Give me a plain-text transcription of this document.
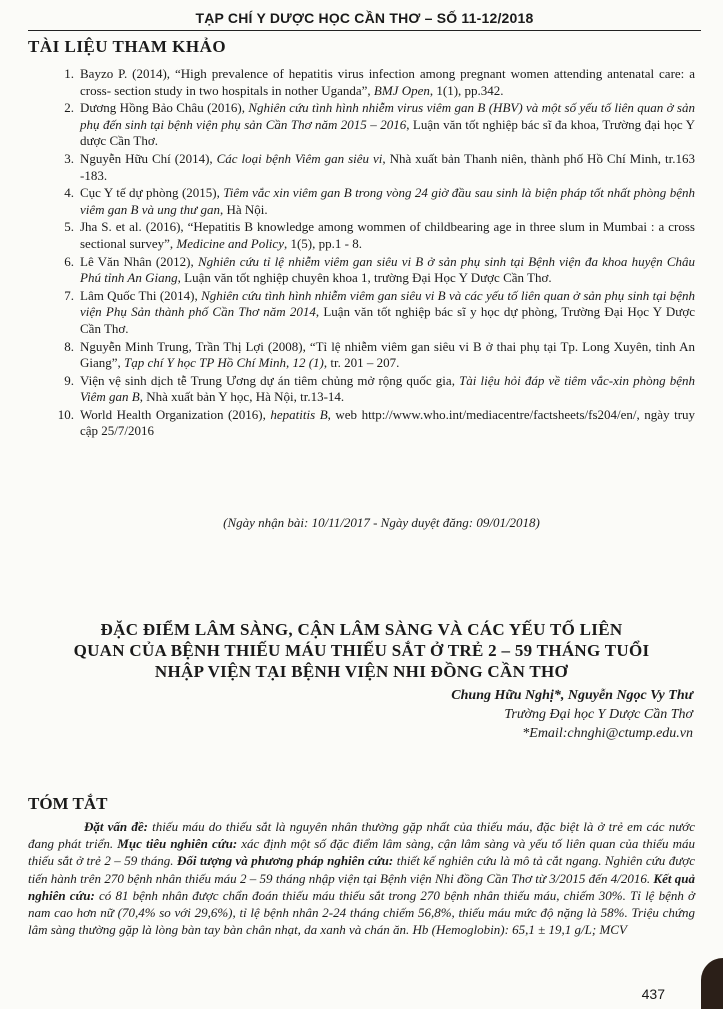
TẠP CHÍ Y DƯỢC HỌC CẦN THƠ – SỐ 11-12/2018
TÀI LIỆU THAM KHẢO
1. Bayzo P. (2014), “High prevalence of hepatitis virus infection among pregnant women attending antenatal care: a cross- section study in two hospitals in nother Uganda”, BMJ Open, 1(1), pp.342.
2. Dương Hồng Bảo Châu (2016), Nghiên cứu tình hình nhiễm virus viêm gan B (HBV) và một số yếu tố liên quan ở sản phụ đến sinh tại bệnh viện phụ sản Cần Thơ năm 2015 – 2016, Luận văn tốt nghiệp bác sĩ đa khoa, Trường đại học Y dược Cần Thơ.
3. Nguyễn Hữu Chí (2014), Các loại bệnh Viêm gan siêu vi, Nhà xuất bản Thanh niên, thành phố Hồ Chí Minh, tr.163 -183.
4. Cục Y tế dự phòng (2015), Tiêm vắc xin viêm gan B trong vòng 24 giờ đầu sau sinh là biện pháp tốt nhất phòng bệnh viêm gan B và ung thư gan, Hà Nội.
5. Jha S. et al. (2016), “Hepatitis B knowledge among wommen of childbearing age in three slum in Mumbai : a cross sectional survey”, Medicine and Policy, 1(5), pp.1 - 8.
6. Lê Văn Nhân (2012), Nghiên cứu tỉ lệ nhiễm viêm gan siêu vi B ở sản phụ sinh tại Bệnh viện đa khoa huyện Châu Phú tỉnh An Giang, Luận văn tốt nghiệp chuyên khoa 1, trường Đại Học Y Dược Cần Thơ.
7. Lâm Quốc Thi (2014), Nghiên cứu tình hình nhiễm viêm gan siêu vi B và các yếu tố liên quan ở sản phụ sinh tại bệnh viện Phụ Sản thành phố Cần Thơ năm 2014, Luận văn tốt nghiệp bác sĩ y học dự phòng, Trường Đại Học Y Dược Cần Thơ.
8. Nguyễn Minh Trung, Trần Thị Lợi (2008), “Tỉ lệ nhiễm viêm gan siêu vi B ở thai phụ tại Tp. Long Xuyên, tỉnh An Giang”, Tạp chí Y học TP Hồ Chí Minh, 12 (1), tr. 201 – 207.
9. Viện vệ sinh dịch tễ Trung Ương dự án tiêm chủng mở rộng quốc gia, Tài liệu hỏi đáp về tiêm vắc-xin phòng bệnh Viêm gan B, Nhà xuất bản Y học, Hà Nội, tr.13-14.
10. World Health Organization (2016), hepatitis B, web http://www.who.int/mediacentre/factsheets/fs204/en/, ngày truy cập 25/7/2016
(Ngày nhận bài: 10/11/2017 - Ngày duyệt đăng: 09/01/2018)
ĐẶC ĐIỂM LÂM SÀNG, CẬN LÂM SÀNG VÀ CÁC YẾU TỐ LIÊN
QUAN CỦA BỆNH THIẾU MÁU THIẾU SẮT Ở TRẺ 2 – 59 THÁNG TUỔI
NHẬP VIỆN TẠI BỆNH VIỆN NHI ĐỒNG CẦN THƠ
Chung Hữu Nghị*, Nguyễn Ngọc Vy Thư
Trường Đại học Y Dược Cần Thơ
*Email:chnghi@ctump.edu.vn
TÓM TẮT
Đặt vấn đề: thiếu máu do thiếu sắt là nguyên nhân thường gặp nhất của thiếu máu, đặc biệt là ở trẻ em các nước đang phát triển. Mục tiêu nghiên cứu: xác định một số đặc điểm lâm sàng, cận lâm sàng và yếu tố liên quan của thiếu máu thiếu sắt ở trẻ 2 – 59 tháng. Đối tượng và phương pháp nghiên cứu: thiết kế nghiên cứu là mô tả cắt ngang. Nghiên cứu được tiến hành trên 270 bệnh nhân thiếu máu 2 – 59 tháng nhập viện tại Bệnh viện Nhi đồng Cần Thơ từ 3/2015 đến 4/2016. Kết quả nghiên cứu: có 81 bệnh nhân được chẩn đoán thiếu máu thiếu sắt trong 270 bệnh nhân thiếu máu, chiếm 30%. Tỉ lệ bệnh ở nam cao hơn nữ (70,4% so với 29,6%), tỉ lệ bệnh nhân 2-24 tháng chiếm 56,8%, thiếu máu mức độ nặng là 58%. Triệu chứng lâm sàng thường gặp là lòng bàn tay bàn chân nhạt, da xanh và chán ăn. Hb (Hemoglobin): 65,1 ± 19,1 g/L; MCV
437
